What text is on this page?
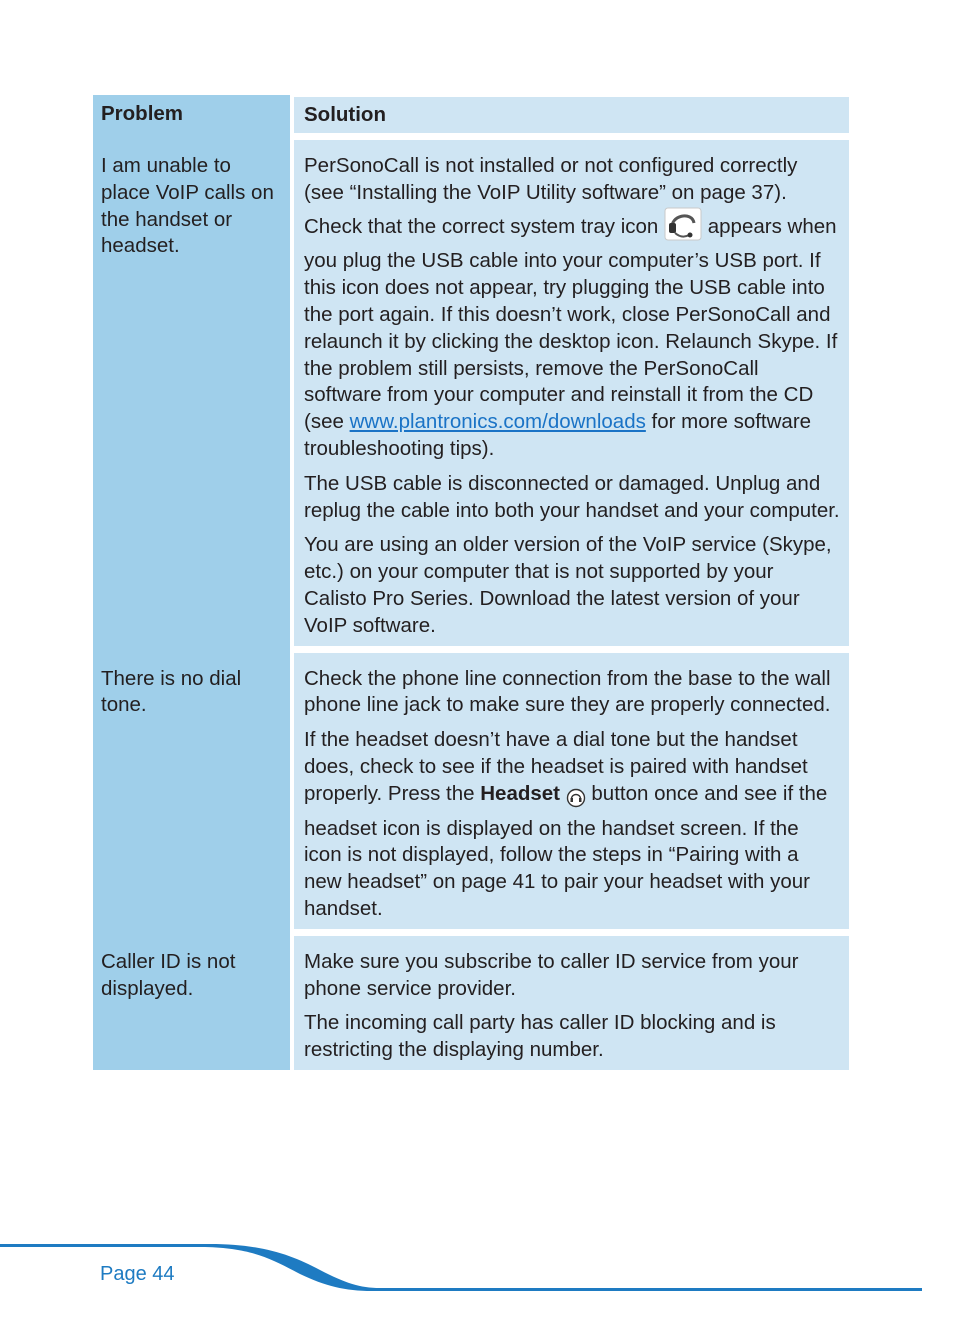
Problem	Solution
I am unable to place VoIP calls on the handset or headset.

PerSonoCall is not installed or not configured correctly (see “Installing the VoIP Utility software” on page 37). Check that the correct system tray icon appears when you plug the USB cable into your computer’s USB port. If this icon does not appear, try plugging the USB cable into the port again. If this doesn’t work, close PerSonoCall and relaunch it by clicking the desktop icon. Relaunch Skype. If the problem still persists, remove the PerSonoCall software from your computer and reinstall it from the CD (see www.plantronics.com/downloads for more software troubleshooting tips).

The USB cable is disconnected or damaged. Unplug and replug the cable into both your handset and your computer.

You are using an older version of the VoIP service (Skype, etc.) on your computer that is not supported by your Calisto Pro Series. Download the latest version of your VoIP software.

There is no dial tone.

Check the phone line connection from the base to the wall phone line jack to make sure they are properly connected.

If the headset doesn’t have a dial tone but the handset does, check to see if the headset is paired with handset properly. Press the Headset button once and see if the headset icon is displayed on the handset screen. If the icon is not displayed, follow the steps in “Pairing with a new headset” on page 41 to pair your headset with your handset.

Caller ID is not displayed.

Make sure you subscribe to caller ID service from your phone service provider.

The incoming call party has caller ID blocking and is restricting the displaying number.

Page 44
